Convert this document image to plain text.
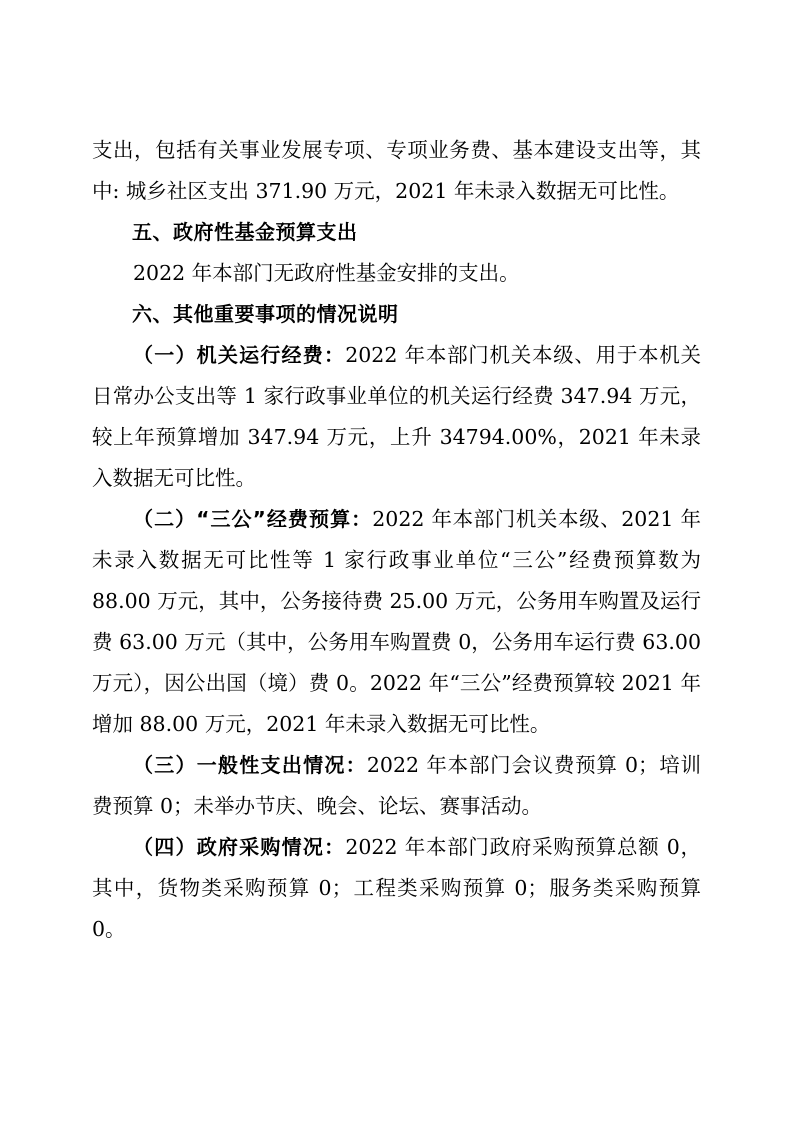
支出，包括有关事业发展专项、专项业务费、基本建设支出等，其中: 城乡社区支出 371.90 万元，2021 年未录入数据无可比性。

五、政府性基金预算支出

2022 年本部门无政府性基金安排的支出。

六、其他重要事项的情况说明

（一）机关运行经费：2022 年本部门机关本级、用于本机关日常办公支出等 1 家行政事业单位的机关运行经费 347.94 万元，较上年预算增加 347.94 万元，上升 34794.00%，2021 年未录入数据无可比性。

（二）“三公”经费预算：2022 年本部门机关本级、2021 年未录入数据无可比性等 1 家行政事业单位“三公”经费预算数为 88.00 万元，其中，公务接待费 25.00 万元，公务用车购置及运行费 63.00 万元（其中，公务用车购置费 0，公务用车运行费 63.00 万元），因公出国（境）费 0。2022 年“三公”经费预算较 2021 年增加 88.00 万元，2021 年未录入数据无可比性。

（三）一般性支出情况：2022 年本部门会议费预算 0；培训费预算 0；未举办节庆、晚会、论坛、赛事活动。

（四）政府采购情况：2022 年本部门政府采购预算总额 0，其中，货物类采购预算 0；工程类采购预算 0；服务类采购预算 0。
